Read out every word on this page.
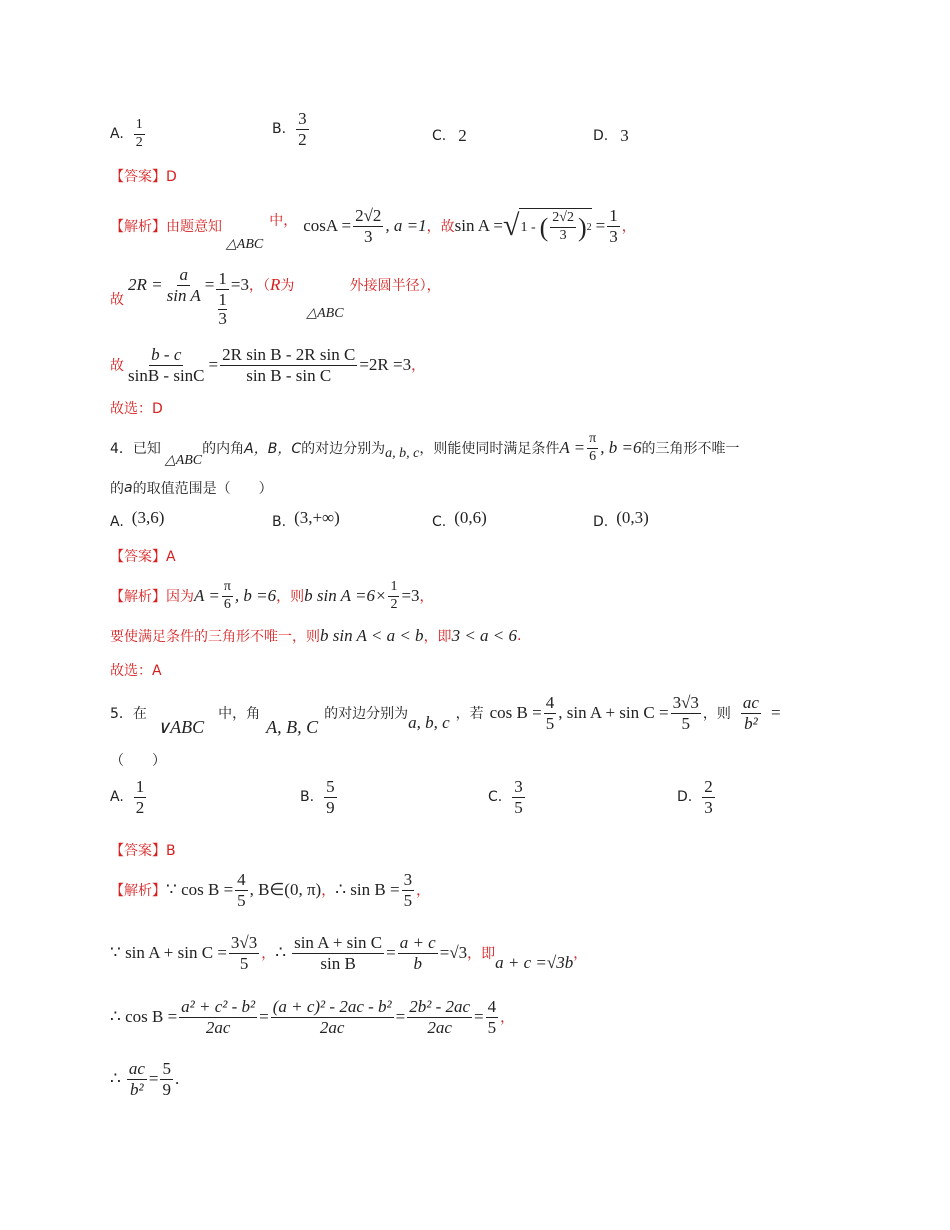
A. $\frac{1}{2}$	B. $\frac{3}{2}$	C. 2	D. 3
【答案】D
【解析】 由题意知
△ABC
中， $\cos A = \frac{2√2}{3}$ , a =1 ，故 sin A = √ 1 - ( $\frac{2√2}{3}$ ) $2 = \frac{1}{3}$ ，
故
$2R = \frac{a}{\text{sin A}} = 1$
1
3 =3 ，（ R 为
△ABC
外接圆半径），
故 $\frac{b - c}{\sin B - \sin C} = \frac{\text{2R sin B - 2R sin C}}{\text{sin B - sin C}} =2R =3$ ，
故选：D
4． 已知
△ABC
的内角 A，B，C 的对边分别为 a, b, c ，则能使同时满足条件 $A = \frac{\pi}{6}$ , b =6 的三角形不唯一
的 a 的取值范围是（　　）
A. (3,6)	B. (3,+∞)	C. (0,6)	D. (0,3)
【答案】A
【解析】 因为 $A = \frac{\pi}{6}$ , b =6 ，则 b $\sin A =6\times \frac{1}{2} =3$ ，
要使满足条件的三角形不唯一，则 b sin A < a < b ，即 3 < a < 6 .
故选：A
5． 在
∨ABC
中，角
A, B, C
的对边分别为 a, b, c ，若 $\cos B = \frac{4}{5}$ , $\sin A + \sin C = \frac{3√3}{5}$ ，则 $\frac{ac}{\text{b²}}$ =
（　　）
A. $\frac{1}{2}$	B. $\frac{5}{9}$	C. $\frac{3}{5}$	D. $\frac{2}{3}$
【答案】B
【解析】 ∵ $\cos B = \frac{4}{5}$ , B∈(0, π) ， ∴ $\sin B = \frac{3}{5}$ ，
∵ $\sin A + \sin C = \frac{3√3}{5}$ ， ∴ $\frac{\text{sin A + sin C}}{\text{sin B}} = \frac{a + c}{b} =√3$ ，即 a + c =√3b ，
∴ $\cos B = \frac{\text{a² + c² - b²}}{2ac} = \frac{\text{(a + c)² - 2ac - b²}}{2ac} = \frac{\text{2b² - 2ac}}{2ac} = \frac{4}{5}$ ，
∴ $\frac{ac}{\text{b²}} = \frac{5}{9}$ .
